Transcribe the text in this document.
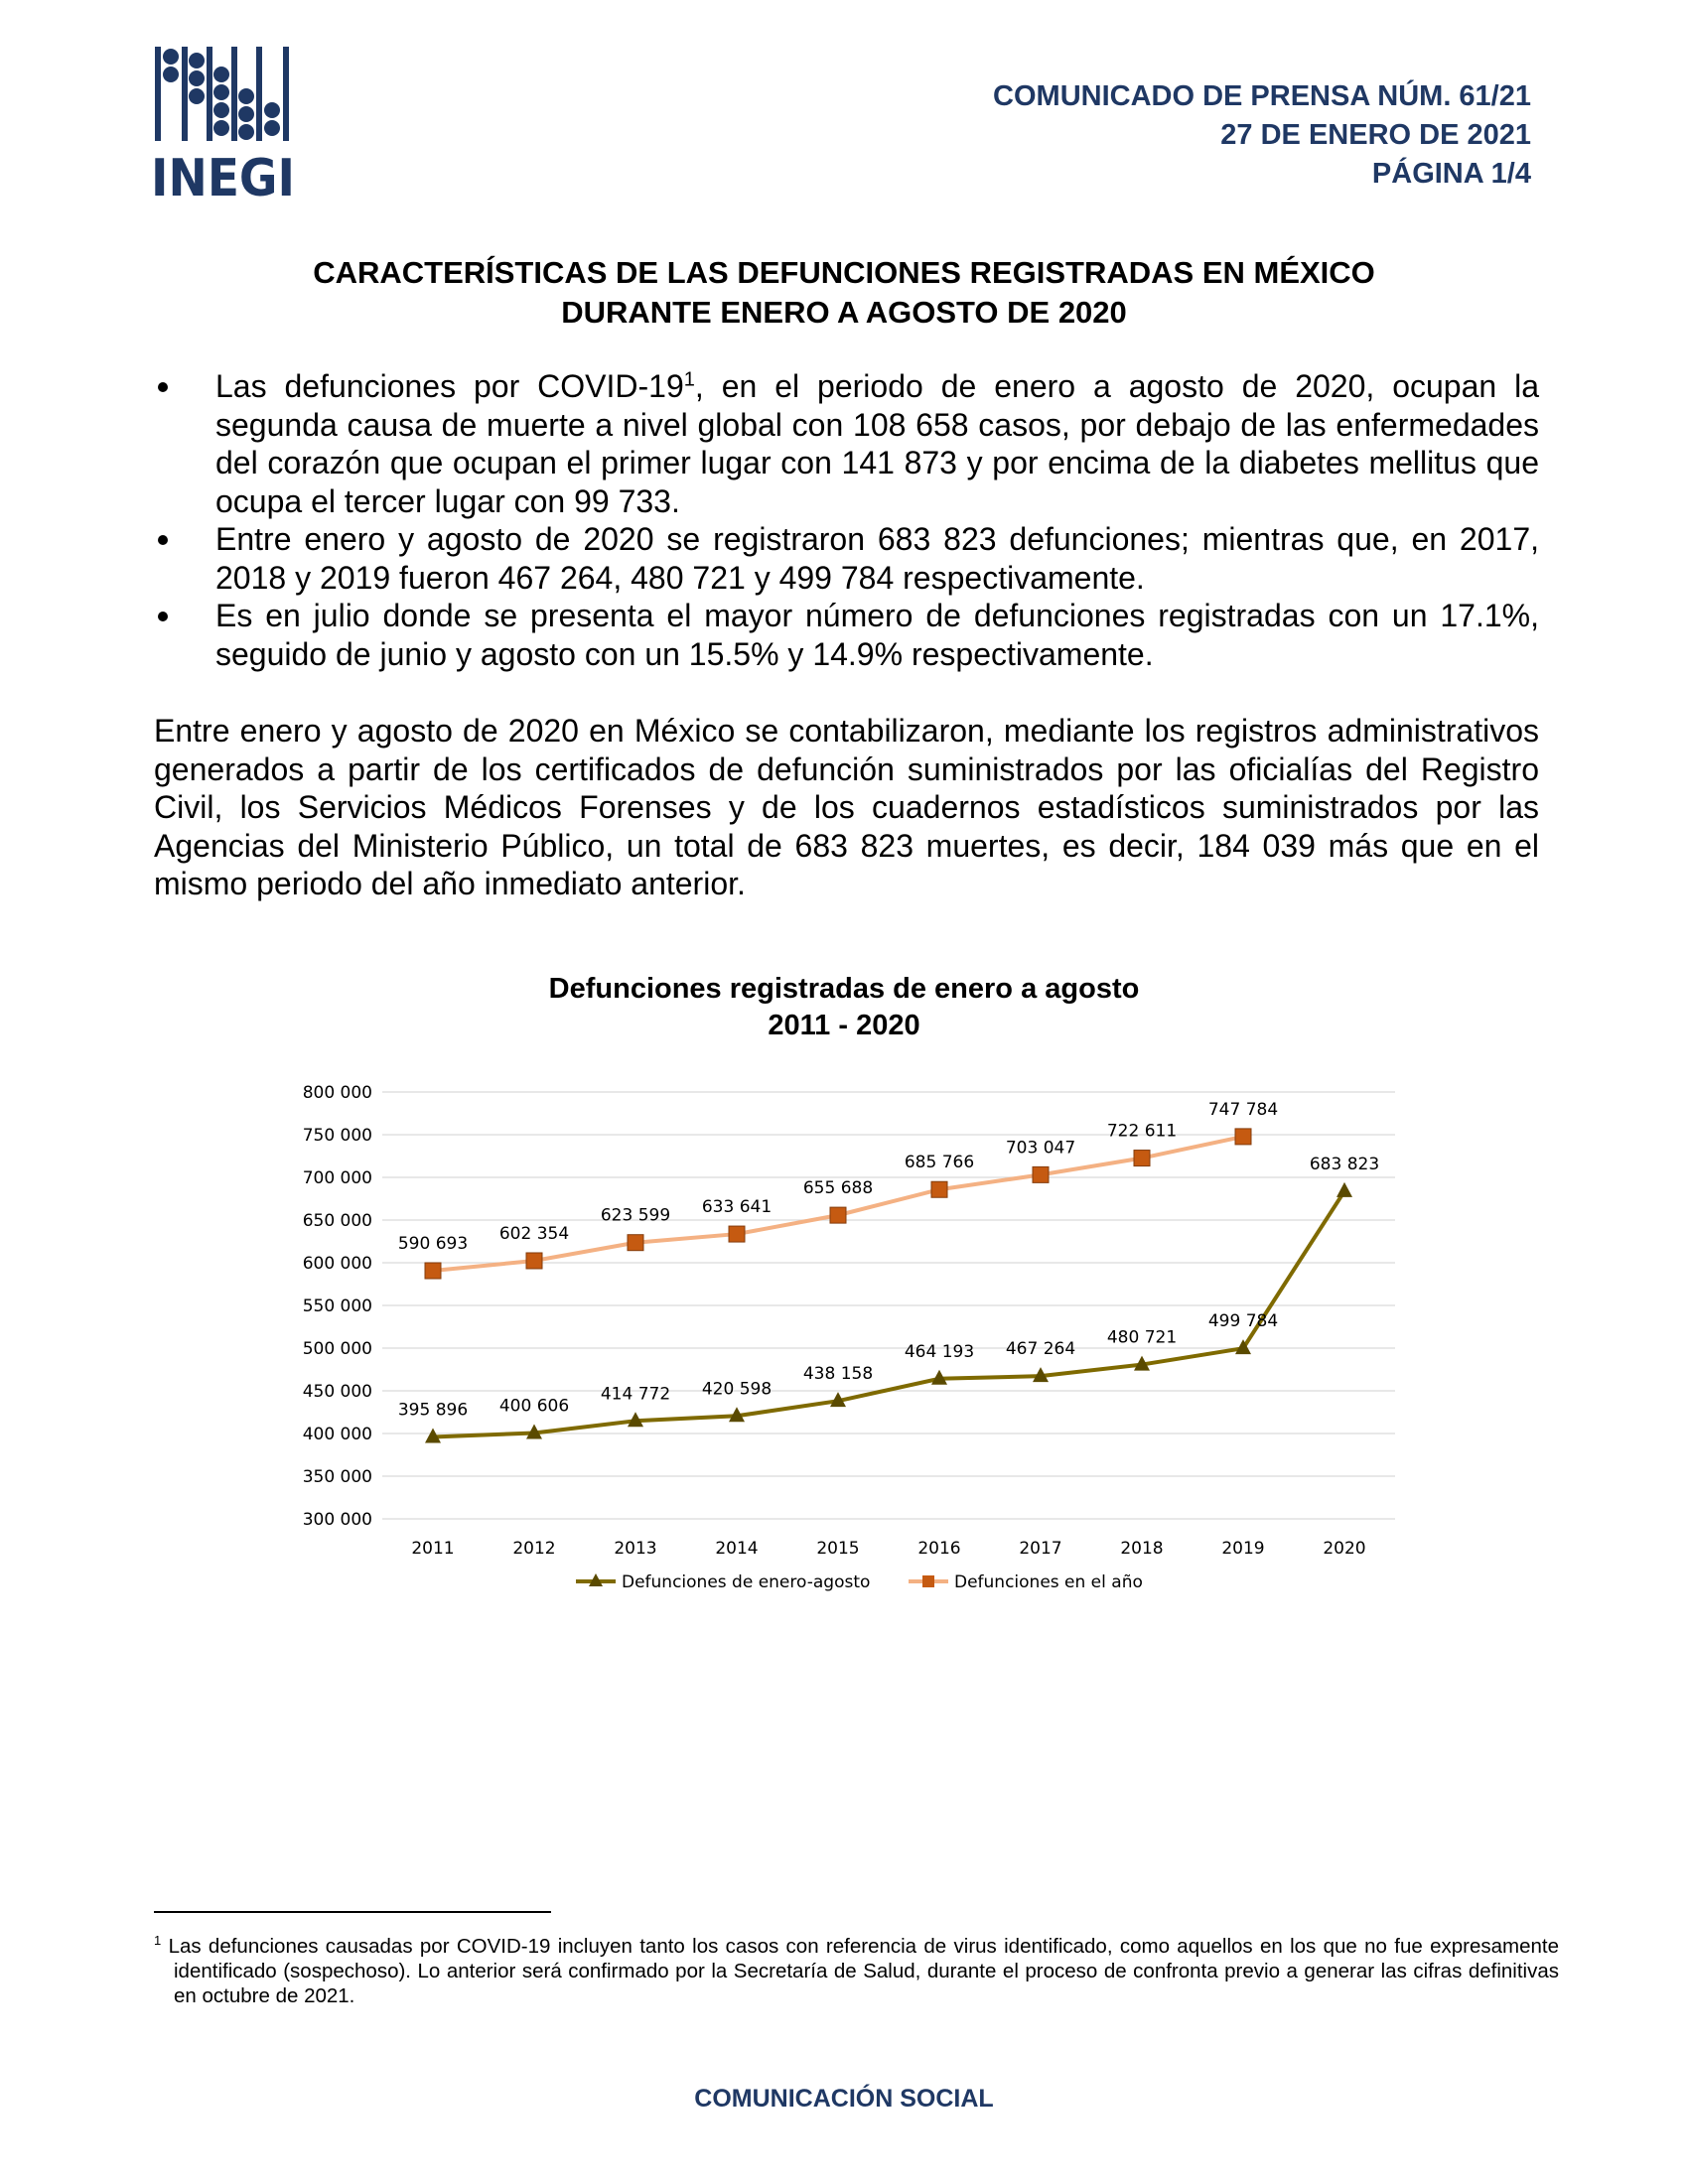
INEGI
COMUNICADO DE PRENSA NÚM. 61/21
27 DE ENERO DE 2021
PÁGINA 1/4
CARACTERÍSTICAS DE LAS DEFUNCIONES REGISTRADAS EN MÉXICO
DURANTE ENERO A AGOSTO DE 2020
Las defunciones por COVID-$19^1$, en el periodo de enero a agosto de 2020, ocupan la segunda causa de muerte a nivel global con 108 658 casos, por debajo de las enfermedades del corazón que ocupan el primer lugar con 141 873 y por encima de la diabetes mellitus que ocupa el tercer lugar con 99 733.
Entre enero y agosto de 2020 se registraron 683 823 defunciones; mientras que, en 2017, 2018 y 2019 fueron 467 264, 480 721 y 499 784 respectivamente.
Es en julio donde se presenta el mayor número de defunciones registradas con un 17.1%, seguido de junio y agosto con un 15.5% y 14.9% respectivamente.

Entre enero y agosto de 2020 en México se contabilizaron, mediante los registros administrativos generados a partir de los certificados de defunción suministrados por las oficialías del Registro Civil, los Servicios Médicos Forenses y de los cuadernos estadísticos suministrados por las Agencias del Ministerio Público, un total de 683 823 muertes, es decir, 184 039 más que en el mismo periodo del año inmediato anterior.

Defunciones registradas de enero a agosto
2011 - 2020
300 000
350 000
400 000
450 000
500 000
550 000
600 000
650 000
700 000
750 000
800 000
2011	2012	2013	2014	2015	2016	2017	2018	2019	2020
590 693
602 354
623 599 633 641
655 688
685 766
703 047
722 611
747 784
395 896 400 606
414 772 420 598
438 158
464 193 467 264
480 721
499 784
683 823
Defunciones de enero-agosto	Defunciones en el año

$^1$ Las defunciones causadas por COVID-19 incluyen tanto los casos con referencia de virus identificado, como aquellos en los que no fue expresamente identificado (sospechoso). Lo anterior será confirmado por la Secretaría de Salud, durante el proceso de confronta previo a generar las cifras definitivas en octubre de 2021.

COMUNICACIÓN SOCIAL
